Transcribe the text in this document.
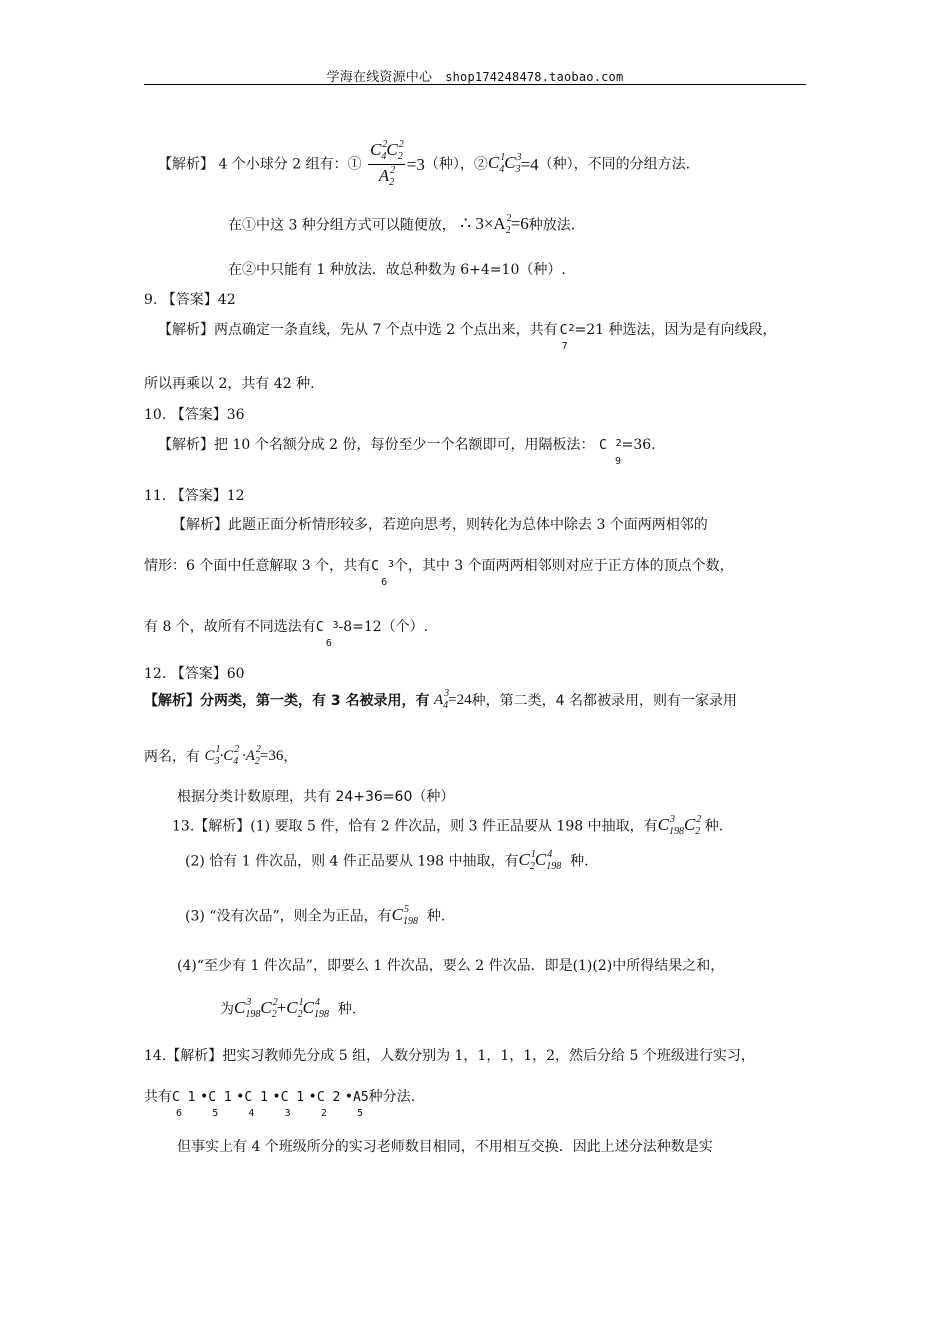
学海在线资源中心 shop174248478.taobao.com
【解析】 4 个小球分 2 组有：① $\frac{C^2_4C^2_2}{A^2_2} =3$（种），$②C^1_4C^3_3=4$（种），不同的分组方法.
在①中这 3 种分组方式可以随便放， ∴ $3\times A^2_2=6$种放法.
在②中只能有 1 种放法．故总种数为 6+4=10（种）.
9. 【答案】42
【解析】两点确定一条直线，先从 7 个点中选 2 个点出来，共有 $C^2$
7
=21 种选法，因为是有向线段，
所以再乘以 2，共有 42 种.
10. 【答案】36
【解析】把 10 个名额分成 2 份，每份至少一个名额即可，用隔板法： C $^2$
9
=36.
11. 【答案】12
【解析】此题正面分析情形较多，若逆向思考，则转化为总体中除去 3 个面两两相邻的
情形：6 个面中任意解取 3 个，共有C $^3$
6
个，其中 3 个面两两相邻则对应于正方体的顶点个数，
有 8 个，故所有不同选法有C $^3$
6
-8=12（个）.
12. 【答案】60
【解析】分两类，第一类，有 3 名被录用，有 $A^3_4=24$种，第二类，4 名都被录用，则有一家录用
两名，有 $C^1_3\cdot C^2_4 \cdot A^2_2=36$，
根据分类计数原理，共有 24+36=60（种）
13.【解析】(1) 要取 5 件，恰有 2 件次品，则 3 件正品要从 198 中抽取，有$C^3_{198}C^2_2$ 种.
(2) 恰有 1 件次品，则 4 件正品要从 198 中抽取，有$C^1_2C^4_{198}$ 种.
(3) “没有次品”，则全为正品，有$C^5_{198}$ 种.
(4)“至少有 1 件次品”，即要么 1 件次品，要么 2 件次品．即是(1)(2)中所得结果之和，
为$C^3_{198}C^2_2+C^1_2C^4_{198}$ 种.
14.【解析】把实习教师先分成 5 组，人数分别为 1，1，1，1，2，然后分给 5 个班级进行实习，
共有C 1
6
•C 1
5
•C 1
4
•C 1
3
•C 2
2
•A5
5
种分法.
但事实上有 4 个班级所分的实习老师数目相同，不用相互交换．因此上述分法种数是实
